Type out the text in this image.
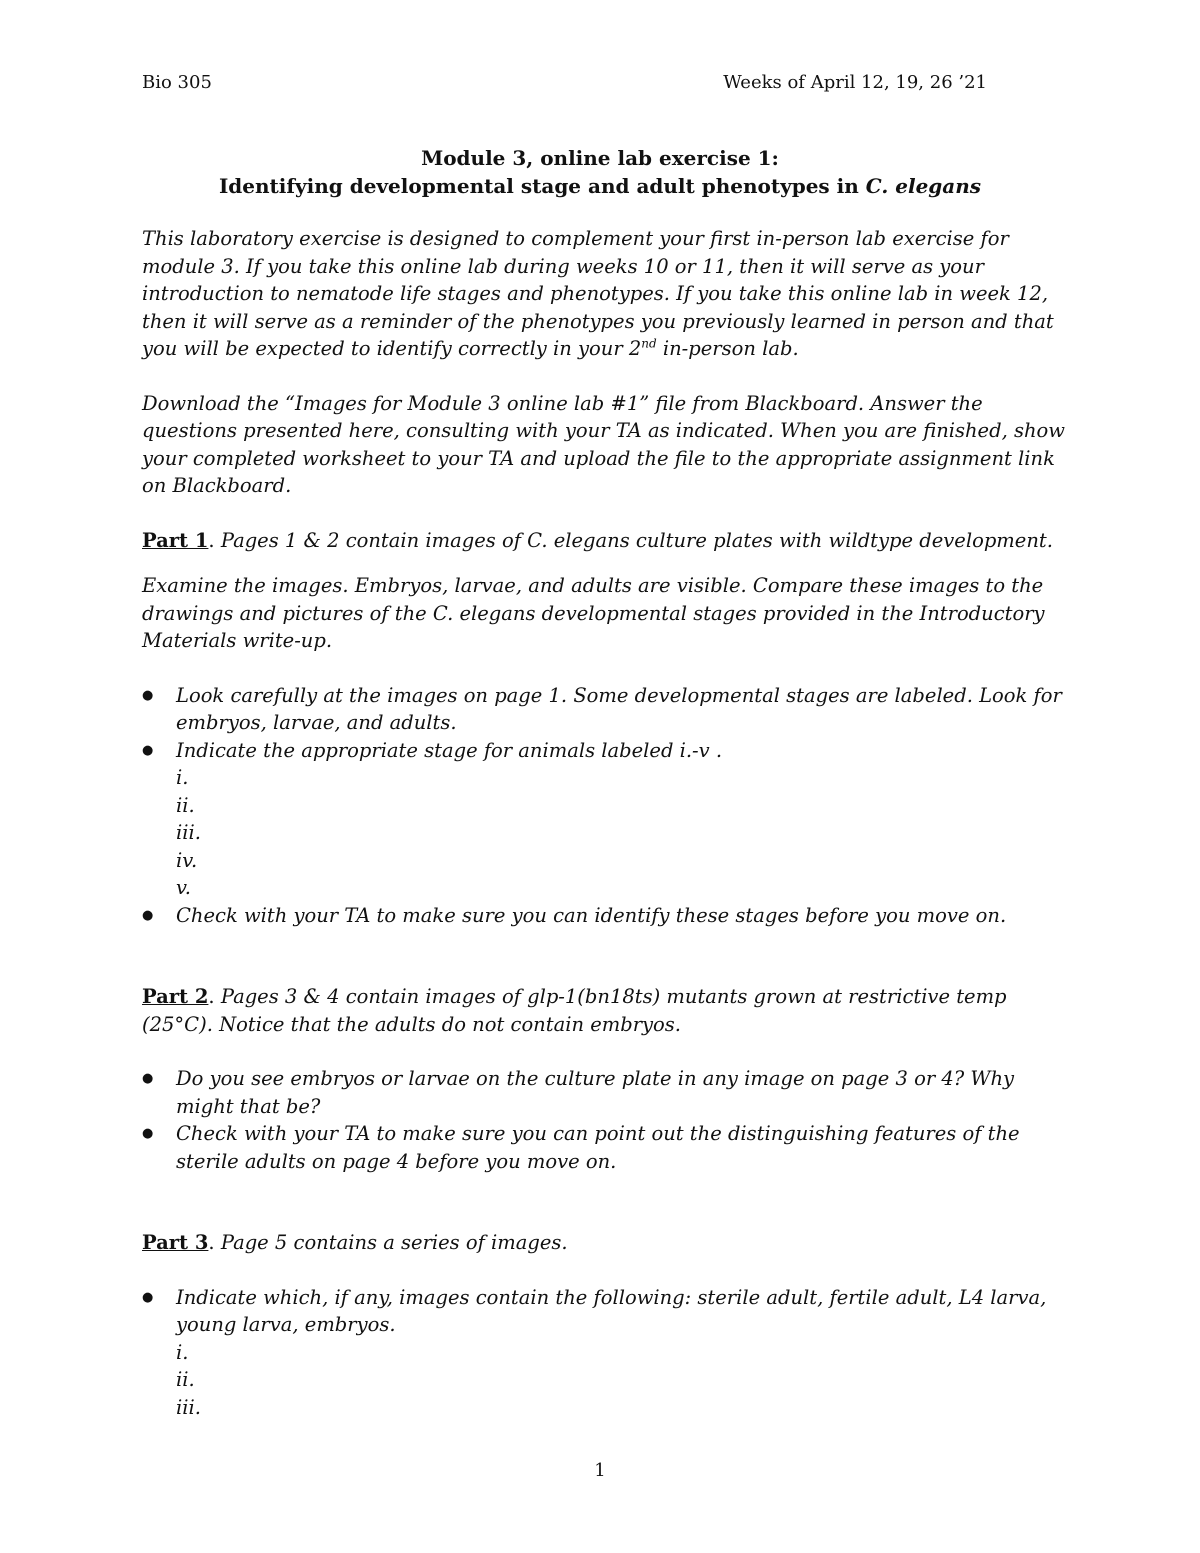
Bio 305	Weeks of April 12, 19, 26 ’21
Module 3, online lab exercise 1:
Identifying developmental stage and adult phenotypes in C. elegans

This laboratory exercise is designed to complement your first in-person lab exercise for module 3. If you take this online lab during weeks 10 or 11, then it will serve as your introduction to nematode life stages and phenotypes. If you take this online lab in week 12, then it will serve as a reminder of the phenotypes you previously learned in person and that you will be expected to identify correctly in your 2nd in-person lab.

Download the “Images for Module 3 online lab #1” file from Blackboard. Answer the questions presented here, consulting with your TA as indicated. When you are finished, show your completed worksheet to your TA and upload the file to the appropriate assignment link on Blackboard.

Part 1. Pages 1 & 2 contain images of C. elegans culture plates with wildtype development.

Examine the images. Embryos, larvae, and adults are visible. Compare these images to the drawings and pictures of the C. elegans developmental stages provided in the Introductory Materials write-up.

● Look carefully at the images on page 1. Some developmental stages are labeled. Look for embryos, larvae, and adults.
● Indicate the appropriate stage for animals labeled i.-v .
i.
ii.
iii.
iv.
v.
● Check with your TA to make sure you can identify these stages before you move on.

Part 2. Pages 3 & 4 contain images of glp-1(bn18ts) mutants grown at restrictive temp (25°C). Notice that the adults do not contain embryos.

● Do you see embryos or larvae on the culture plate in any image on page 3 or 4? Why might that be?
● Check with your TA to make sure you can point out the distinguishing features of the sterile adults on page 4 before you move on.

Part 3. Page 5 contains a series of images.

● Indicate which, if any, images contain the following: sterile adult, fertile adult, L4 larva, young larva, embryos.
i.
ii.
iii.
1
